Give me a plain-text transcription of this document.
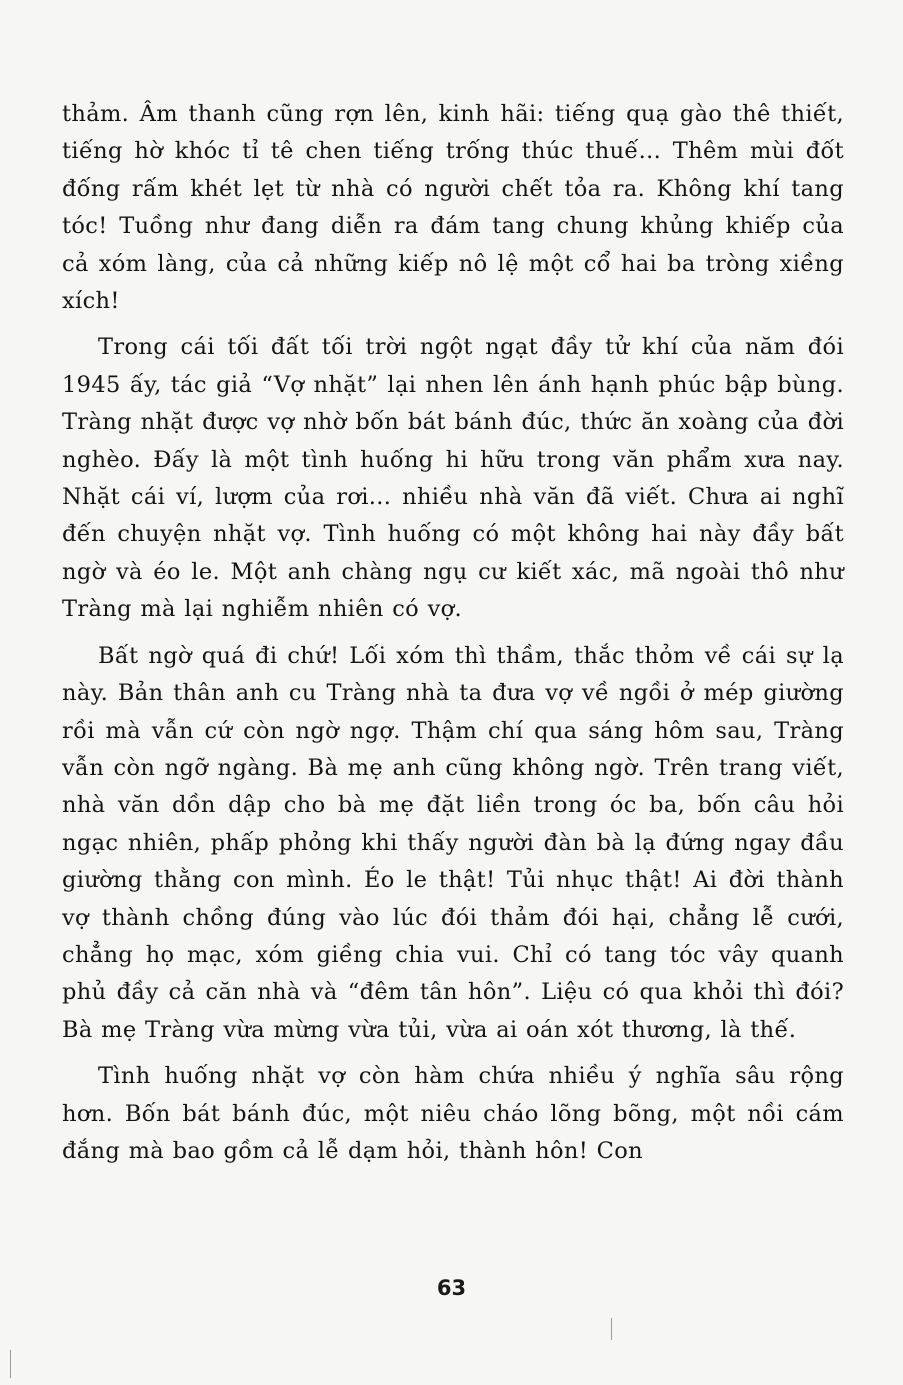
thảm. Âm thanh cũng rợn lên, kinh hãi: tiếng quạ gào thê thiết, tiếng hờ khóc tỉ tê chen tiếng trống thúc thuế... Thêm mùi đốt đống rấm khét lẹt từ nhà có người chết tỏa ra. Không khí tang tóc! Tuồng như đang diễn ra đám tang chung khủng khiếp của cả xóm làng, của cả những kiếp nô lệ một cổ hai ba tròng xiềng xích!

Trong cái tối đất tối trời ngột ngạt đầy tử khí của năm đói 1945 ấy, tác giả “Vợ nhặt” lại nhen lên ánh hạnh phúc bập bùng. Tràng nhặt được vợ nhờ bốn bát bánh đúc, thức ăn xoàng của đời nghèo. Đấy là một tình huống hi hữu trong văn phẩm xưa nay. Nhặt cái ví, lượm của rơi... nhiều nhà văn đã viết. Chưa ai nghĩ đến chuyện nhặt vợ. Tình huống có một không hai này đầy bất ngờ và éo le. Một anh chàng ngụ cư kiết xác, mã ngoài thô như Tràng mà lại nghiễm nhiên có vợ.

Bất ngờ quá đi chứ! Lối xóm thì thầm, thắc thỏm về cái sự lạ này. Bản thân anh cu Tràng nhà ta đưa vợ về ngồi ở mép giường rồi mà vẫn cứ còn ngờ ngợ. Thậm chí qua sáng hôm sau, Tràng vẫn còn ngỡ ngàng. Bà mẹ anh cũng không ngờ. Trên trang viết, nhà văn dồn dập cho bà mẹ đặt liền trong óc ba, bốn câu hỏi ngạc nhiên, phấp phỏng khi thấy người đàn bà lạ đứng ngay đầu giường thằng con mình. Éo le thật! Tủi nhục thật! Ai đời thành vợ thành chồng đúng vào lúc đói thảm đói hại, chẳng lễ cưới, chẳng họ mạc, xóm giềng chia vui. Chỉ có tang tóc vây quanh phủ đầy cả căn nhà và “đêm tân hôn”. Liệu có qua khỏi thì đói? Bà mẹ Tràng vừa mừng vừa tủi, vừa ai oán xót thương, là thế.

Tình huống nhặt vợ còn hàm chứa nhiều ý nghĩa sâu rộng hơn. Bốn bát bánh đúc, một niêu cháo lõng bõng, một nồi cám đắng mà bao gồm cả lễ dạm hỏi, thành hôn! Con

63
